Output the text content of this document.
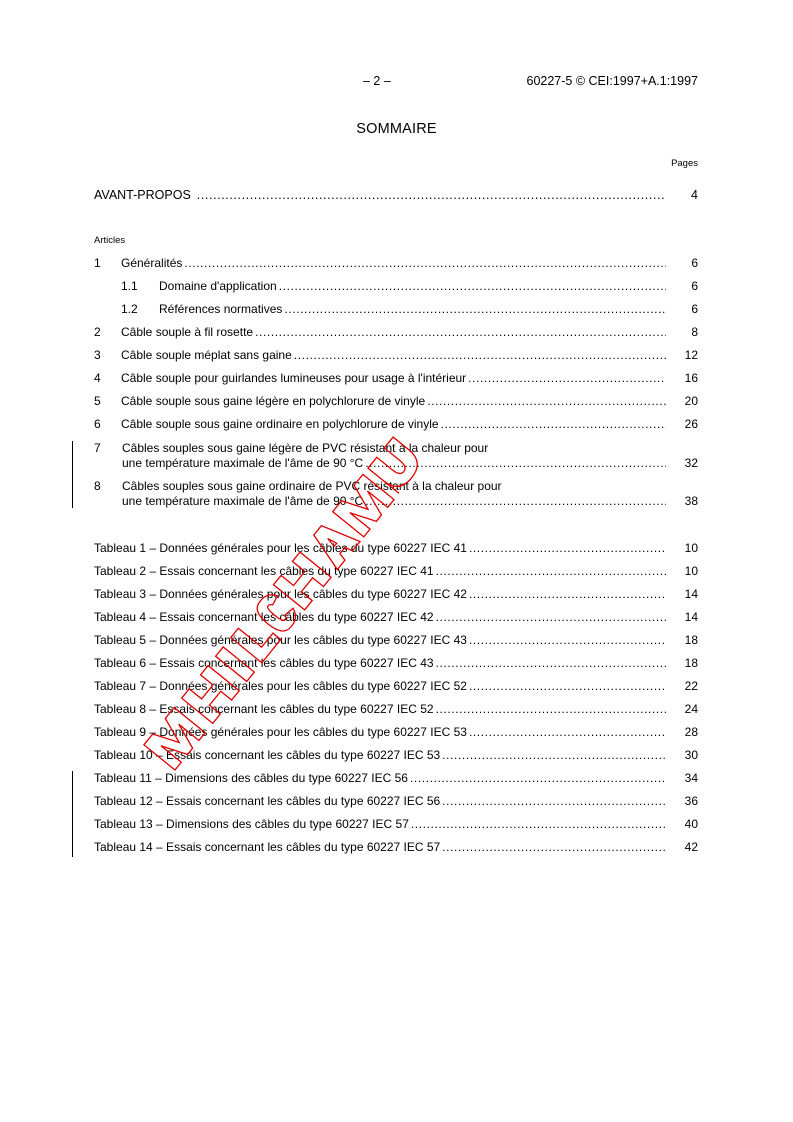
– 2 –	60227-5 © CEI:1997+A.1:1997
SOMMAIRE
Pages
AVANT-PROPOS .....	4
Articles
1	Généralités .....	6
1.1	Domaine d'application .....	6
1.2	Références normatives .....	6
2	Câble souple à fil rosette .....	8
3	Câble souple méplat sans gaine .....	12
4	Câble souple pour guirlandes lumineuses pour usage à l'intérieur .....	16
5	Câble souple sous gaine légère en polychlorure de vinyle .....	20
6	Câble souple sous gaine ordinaire en polychlorure de vinyle .....	26
7 Câbles souples sous gaine légère de PVC résistant à la chaleur pour
une température maximale de l'âme de 90 °C .....	32
8 Câbles souples sous gaine ordinaire de PVC résistant à la chaleur pour
une température maximale de l'âme de 90 °C .....	38
Tableau 1 – Données générales pour les câbles du type 60227 IEC 41 .....	10
Tableau 2 – Essais concernant les câbles du type 60227 IEC 41 .....	10
Tableau 3 – Données générales pour les câbles du type 60227 IEC 42 .....	14
Tableau 4 – Essais concernant les câbles du type 60227 IEC 42 .....	14
Tableau 5 – Données générales pour les câbles du type 60227 IEC 43 .....	18
Tableau 6 – Essais concernant les câbles du type 60227 IEC 43 .....	18
Tableau 7 – Données générales pour les câbles du type 60227 IEC 52 .....	22
Tableau 8 – Essais concernant les câbles du type 60227 IEC 52 .....	24
Tableau 9 – Données générales pour les câbles du type 60227 IEC 53 .....	28
Tableau 10 – Essais concernant les câbles du type 60227 IEC 53 .....	30
Tableau 11 – Dimensions des câbles du type 60227 IEC 56 .....	34
Tableau 12 – Essais concernant les câbles du type 60227 IEC 56 .....	36
Tableau 13 – Dimensions des câbles du type 60227 IEC 57 .....	40
Tableau 14 – Essais concernant les câbles du type 60227 IEC 57 .....	42
